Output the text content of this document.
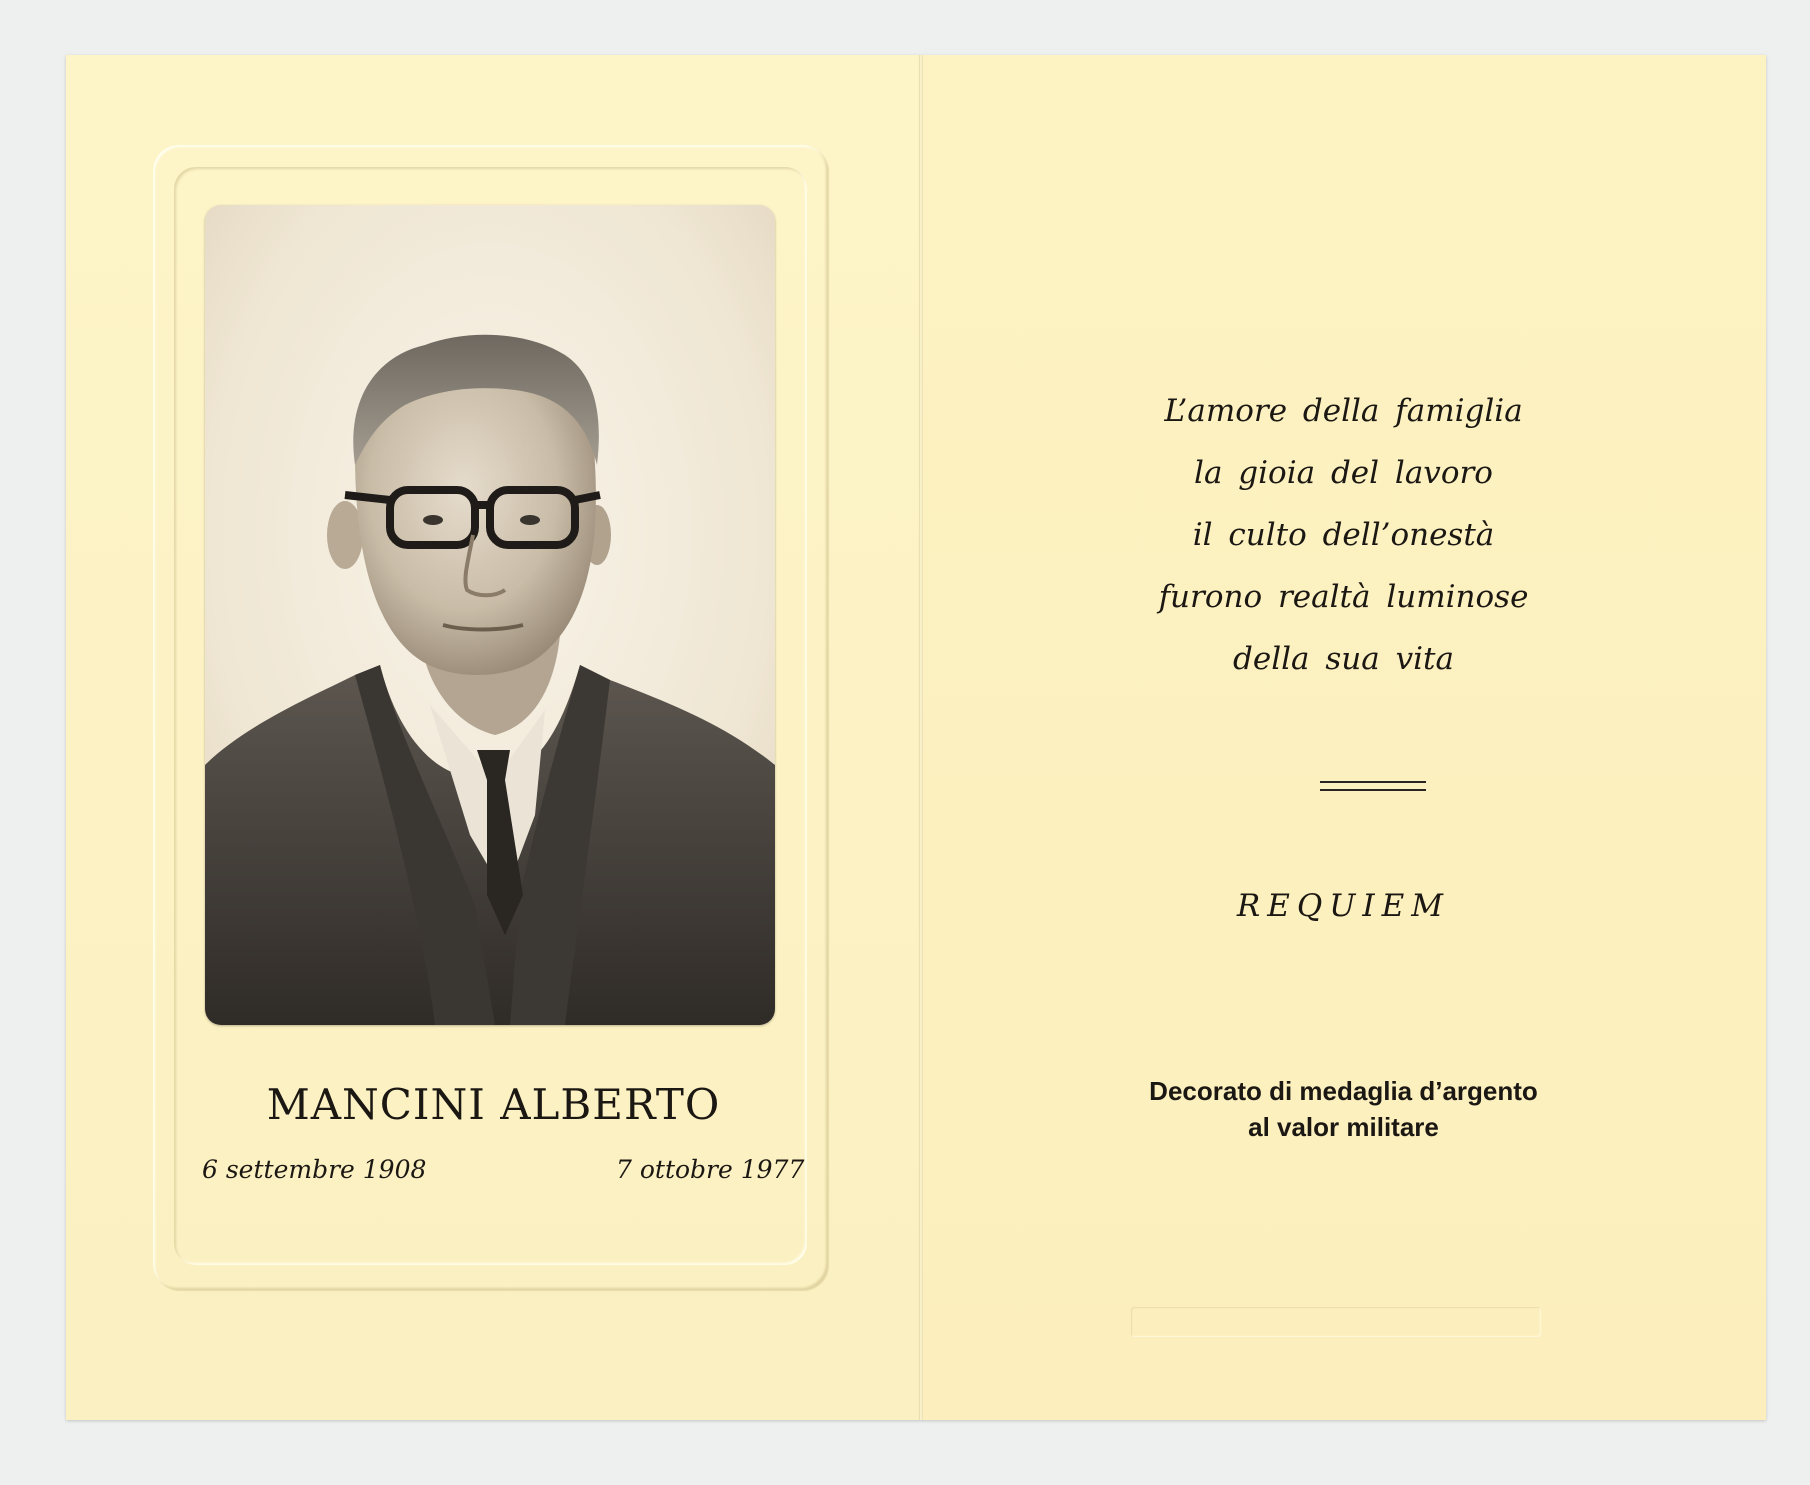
MANCINI ALBERTO
6 settembre 1908	7 ottobre 1977
L’amore della famiglia
la gioia del lavoro
il culto dell’onestà
furono realtà luminose
della sua vita
REQUIEM
Decorato di medaglia d’argento
al valor militare
